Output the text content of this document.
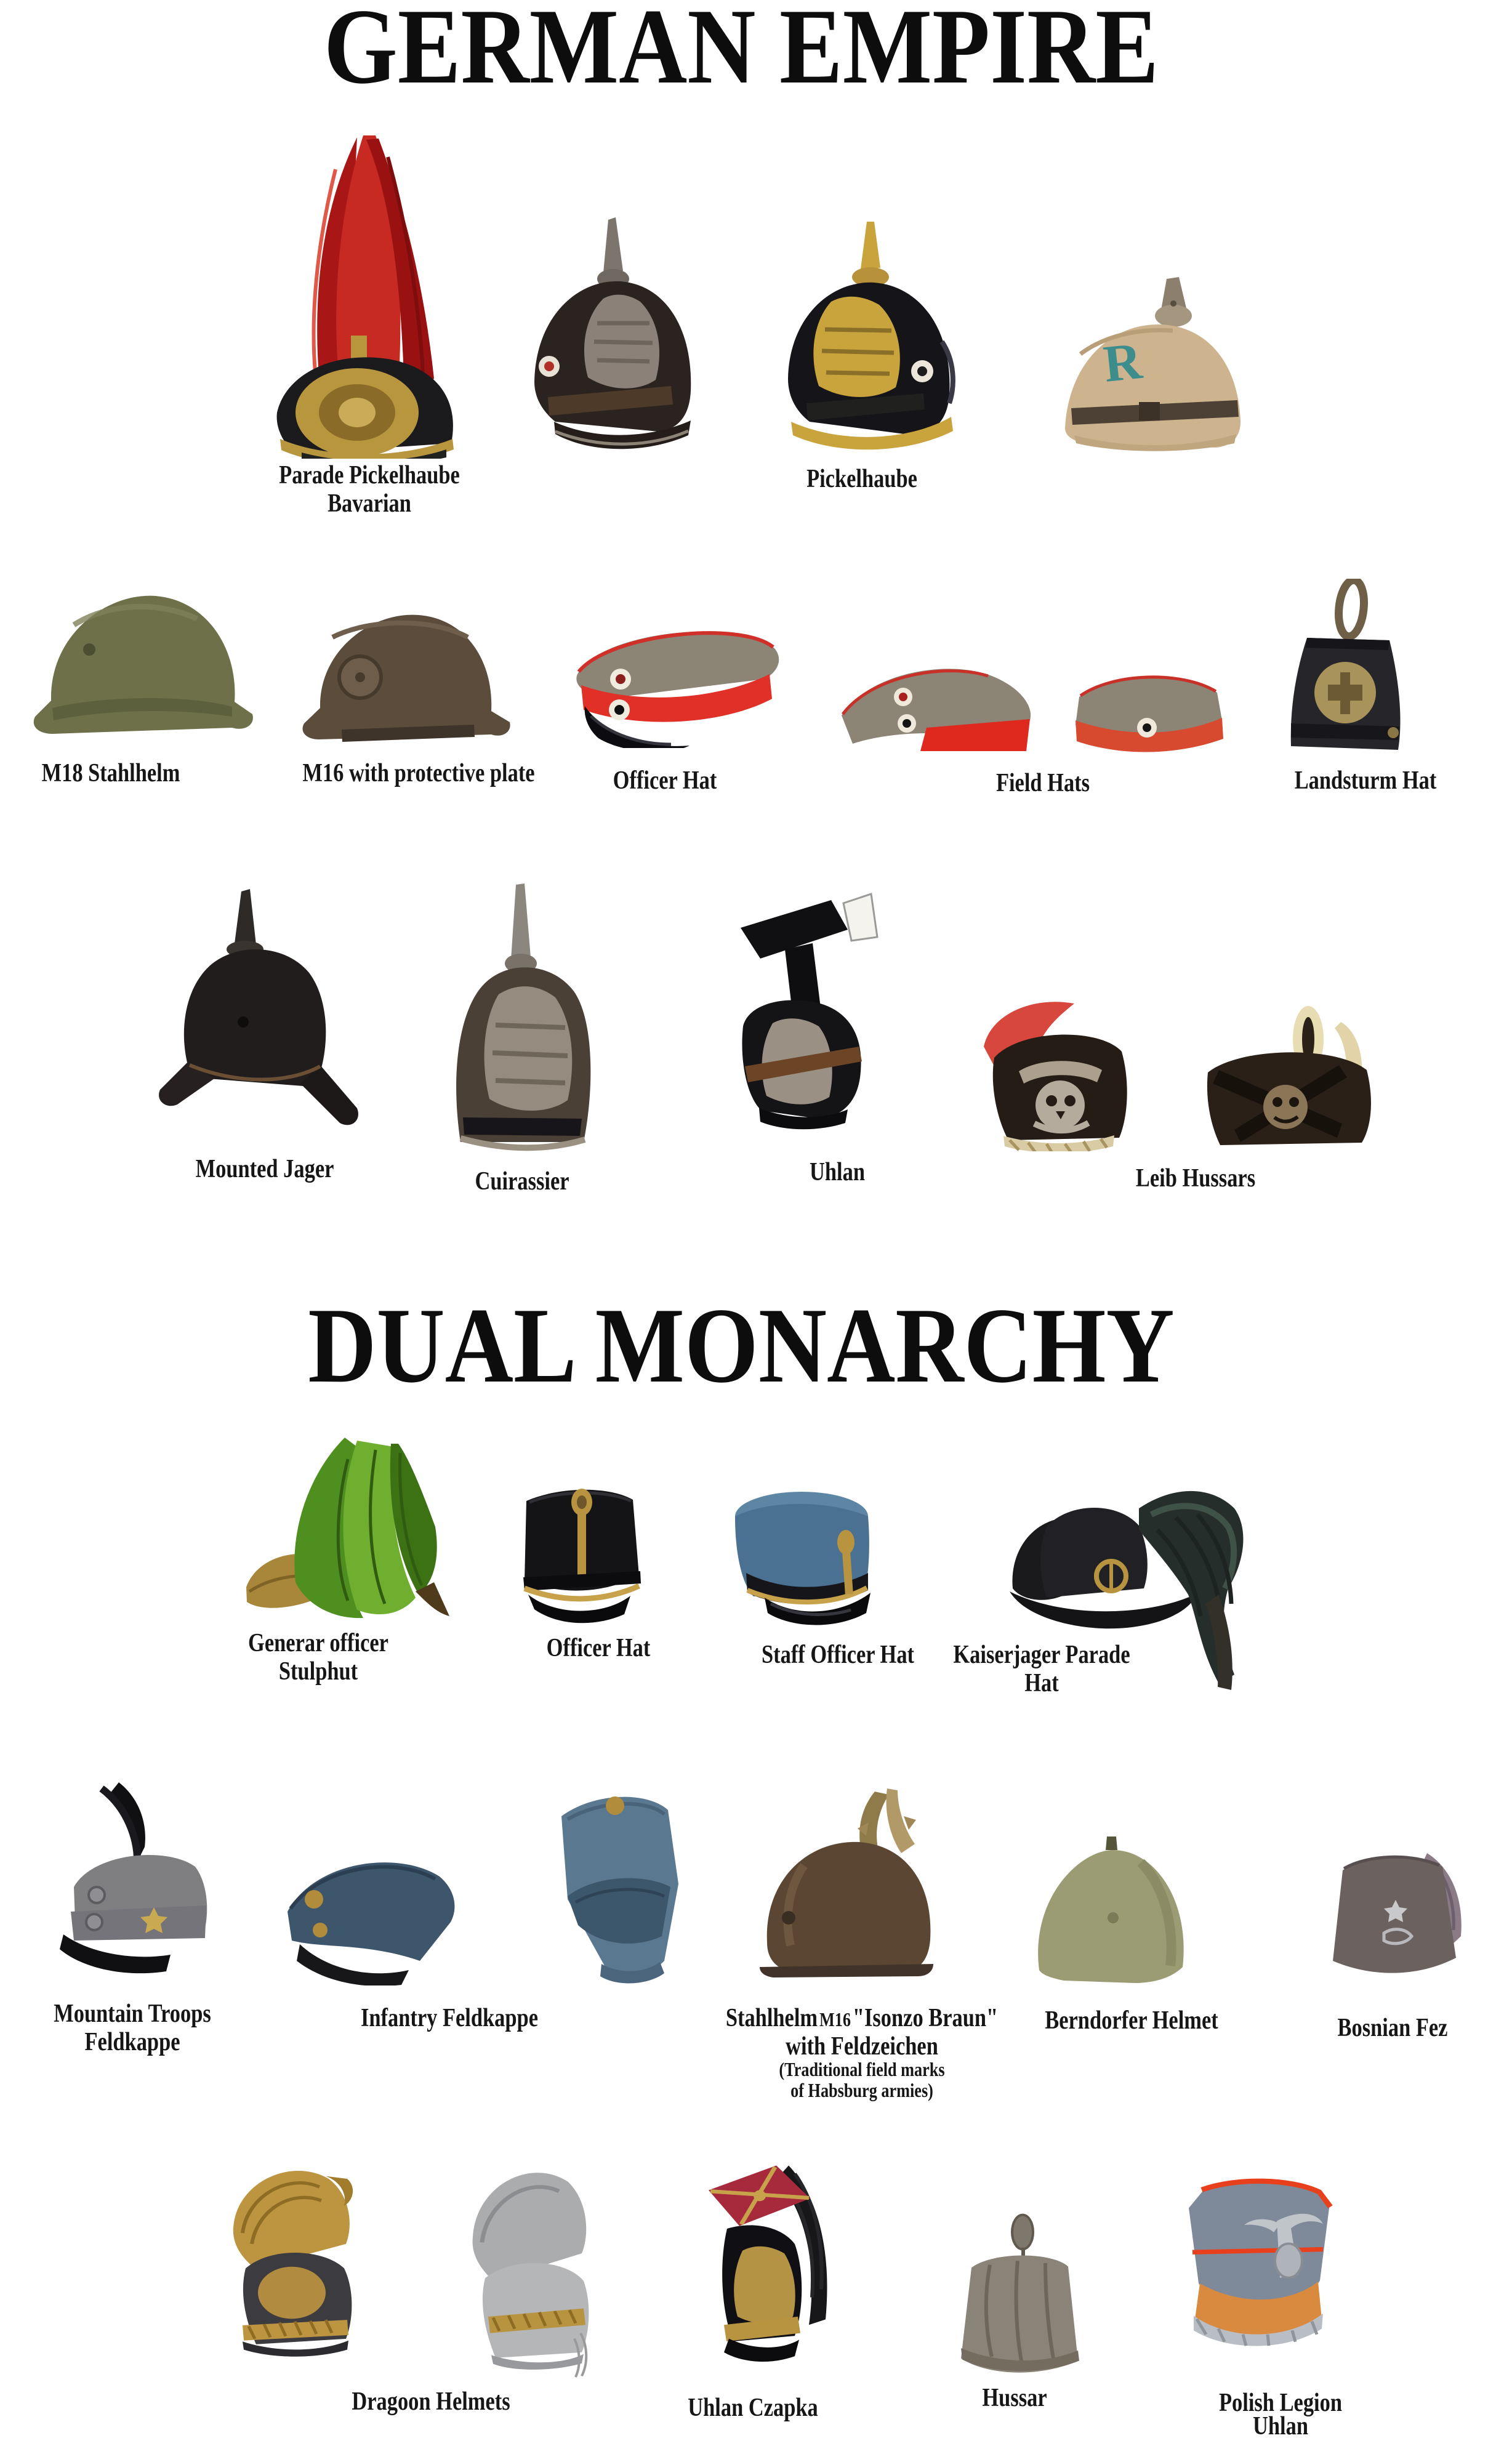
GERMAN EMPIRE
R
Parade Pickelhaube
Bavarian
Pickelhaube
M18 Stahlhelm	M16 with protective plate	Officer Hat	Field Hats	Landsturm Hat
Mounted Jager	Cuirassier	Uhlan	Leib Hussars
DUAL MONARCHY
Generar officer
Stulphut
Officer Hat	Staff Officer Hat Kaiserjager Parade
Hat
Mountain Troops
Feldkappe
Infantry Feldkappe	Stahlhelm M16 "Isonzo Braun"
with Feldzeichen
(Traditional field marks
of Habsburg armies)
Berndorfer Helmet	Bosnian Fez
Dragoon Helmets	Uhlan Czapka	Hussar	Polish Legion
Uhlan
